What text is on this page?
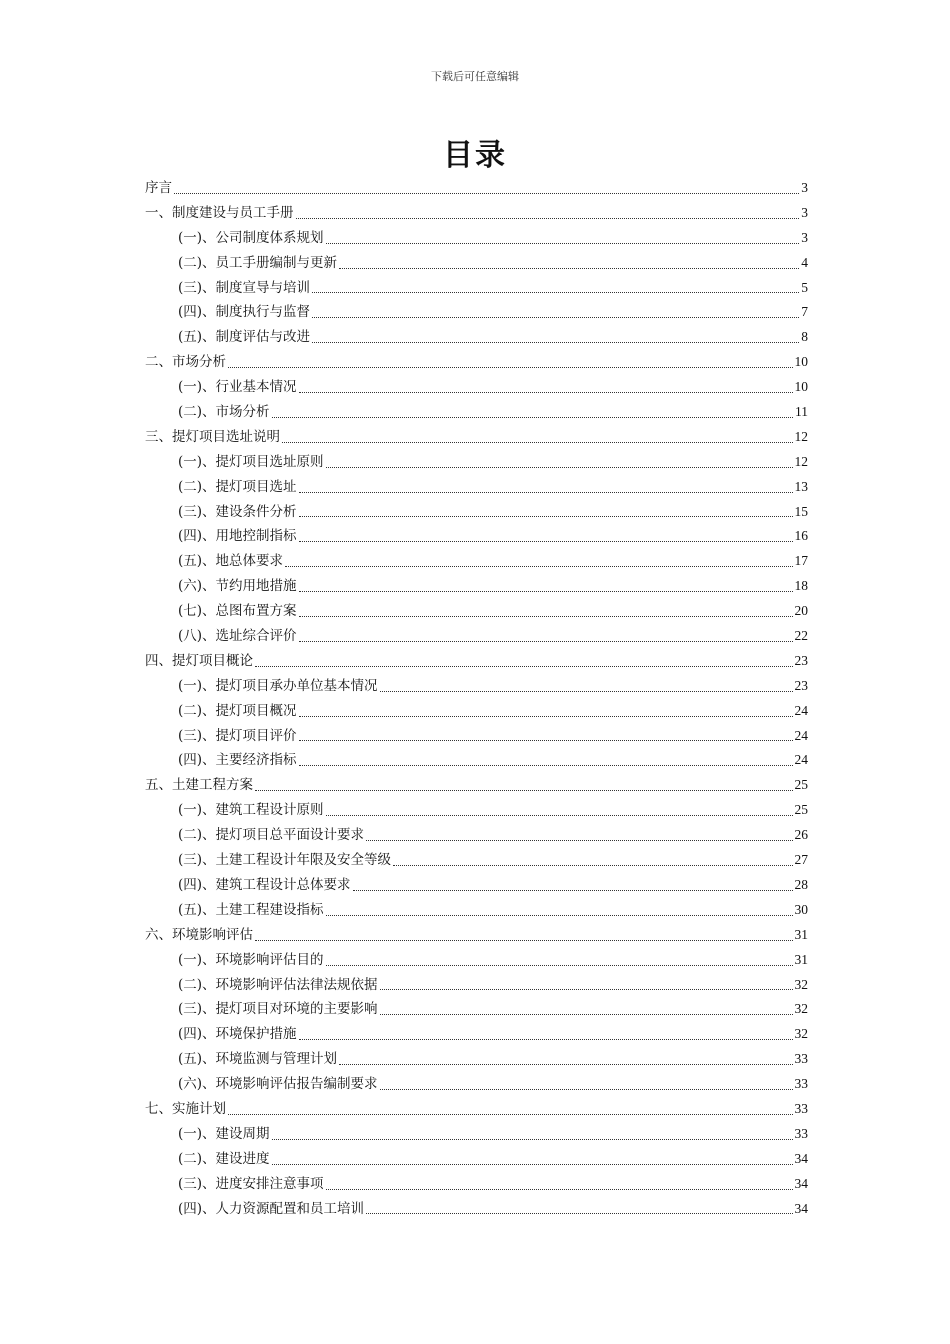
下载后可任意编辑
目录
序言	3
一、制度建设与员工手册	3
(一)、公司制度体系规划	3
(二)、员工手册编制与更新	4
(三)、制度宣导与培训	5
(四)、制度执行与监督	7
(五)、制度评估与改进	8
二、市场分析	10
(一)、行业基本情况	10
(二)、市场分析	11
三、提灯项目选址说明	12
(一)、提灯项目选址原则	12
(二)、提灯项目选址	13
(三)、建设条件分析	15
(四)、用地控制指标	16
(五)、地总体要求	17
(六)、节约用地措施	18
(七)、总图布置方案	20
(八)、选址综合评价	22
四、提灯项目概论	23
(一)、提灯项目承办单位基本情况	23
(二)、提灯项目概况	24
(三)、提灯项目评价	24
(四)、主要经济指标	24
五、土建工程方案	25
(一)、建筑工程设计原则	25
(二)、提灯项目总平面设计要求	26
(三)、土建工程设计年限及安全等级	27
(四)、建筑工程设计总体要求	28
(五)、土建工程建设指标	30
六、环境影响评估	31
(一)、环境影响评估目的	31
(二)、环境影响评估法律法规依据	32
(三)、提灯项目对环境的主要影响	32
(四)、环境保护措施	32
(五)、环境监测与管理计划	33
(六)、环境影响评估报告编制要求	33
七、实施计划	33
(一)、建设周期	33
(二)、建设进度	34
(三)、进度安排注意事项	34
(四)、人力资源配置和员工培训	34
